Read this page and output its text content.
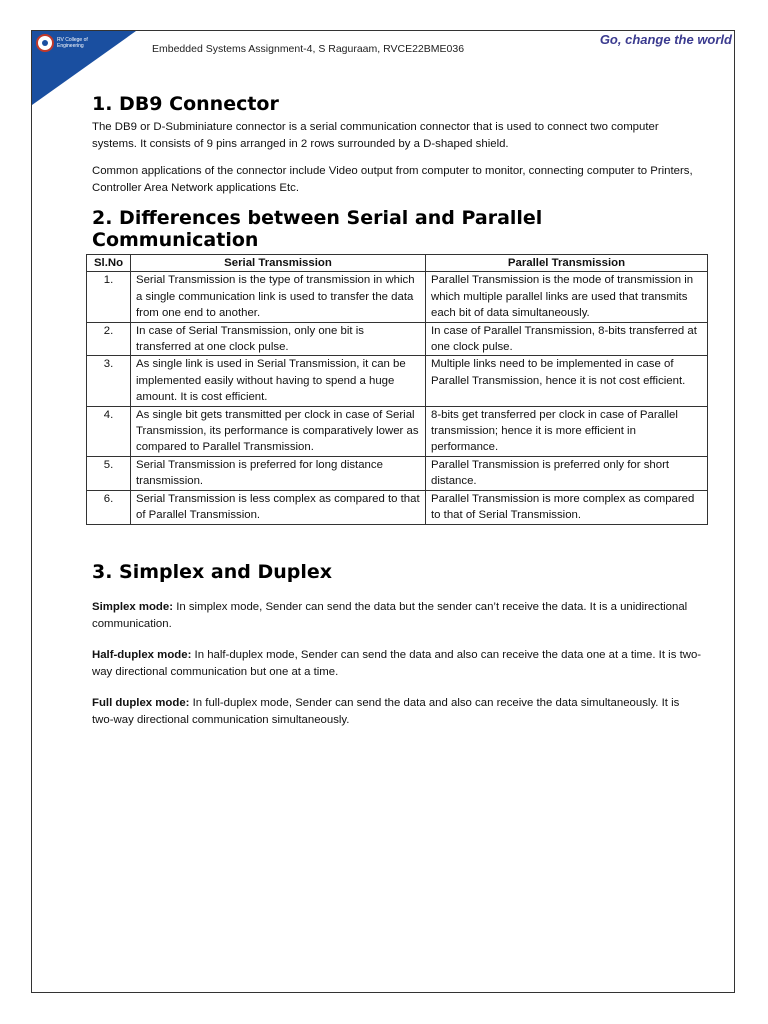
RV College of
Engineering	Embedded Systems Assignment-4, S Raguraam, RVCE22BME036
Go, change the world
1. DB9 Connector

The DB9 or D-Subminiature connector is a serial communication connector that is used to connect two computer systems. It consists of 9 pins arranged in 2 rows surrounded by a D-shaped shield.

Common applications of the connector include Video output from computer to monitor, connecting computer to Printers, Controller Area Network applications Etc.

2. Differences between Serial and Parallel Communication
Sl.No	Serial Transmission	Parallel Transmission
1.	Serial Transmission is the type of transmission in which a single communication link is used to transfer the data from one end to another.	Parallel Transmission is the mode of transmission in which multiple parallel links are used that transmits each bit of data simultaneously.
2.	In case of Serial Transmission, only one bit is transferred at one clock pulse.	In case of Parallel Transmission, 8-bits transferred at one clock pulse.
3.	As single link is used in Serial Transmission, it can be implemented easily without having to spend a huge amount. It is cost efficient.	Multiple links need to be implemented in case of Parallel Transmission, hence it is not cost efficient.
4.	As single bit gets transmitted per clock in case of Serial Transmission, its performance is comparatively lower as compared to Parallel Transmission.	8-bits get transferred per clock in case of Parallel transmission; hence it is more efficient in performance.
5.	Serial Transmission is preferred for long distance transmission.	Parallel Transmission is preferred only for short distance.
6.	Serial Transmission is less complex as compared to that of Parallel Transmission.	Parallel Transmission is more complex as compared to that of Serial Transmission.
3. Simplex and Duplex

Simplex mode: In simplex mode, Sender can send the data but the sender can’t receive the data. It is a unidirectional communication.

Half-duplex mode: In half-duplex mode, Sender can send the data and also can receive the data one at a time. It is two-way directional communication but one at a time.

Full duplex mode: In full-duplex mode, Sender can send the data and also can receive the data simultaneously. It is two-way directional communication simultaneously.
